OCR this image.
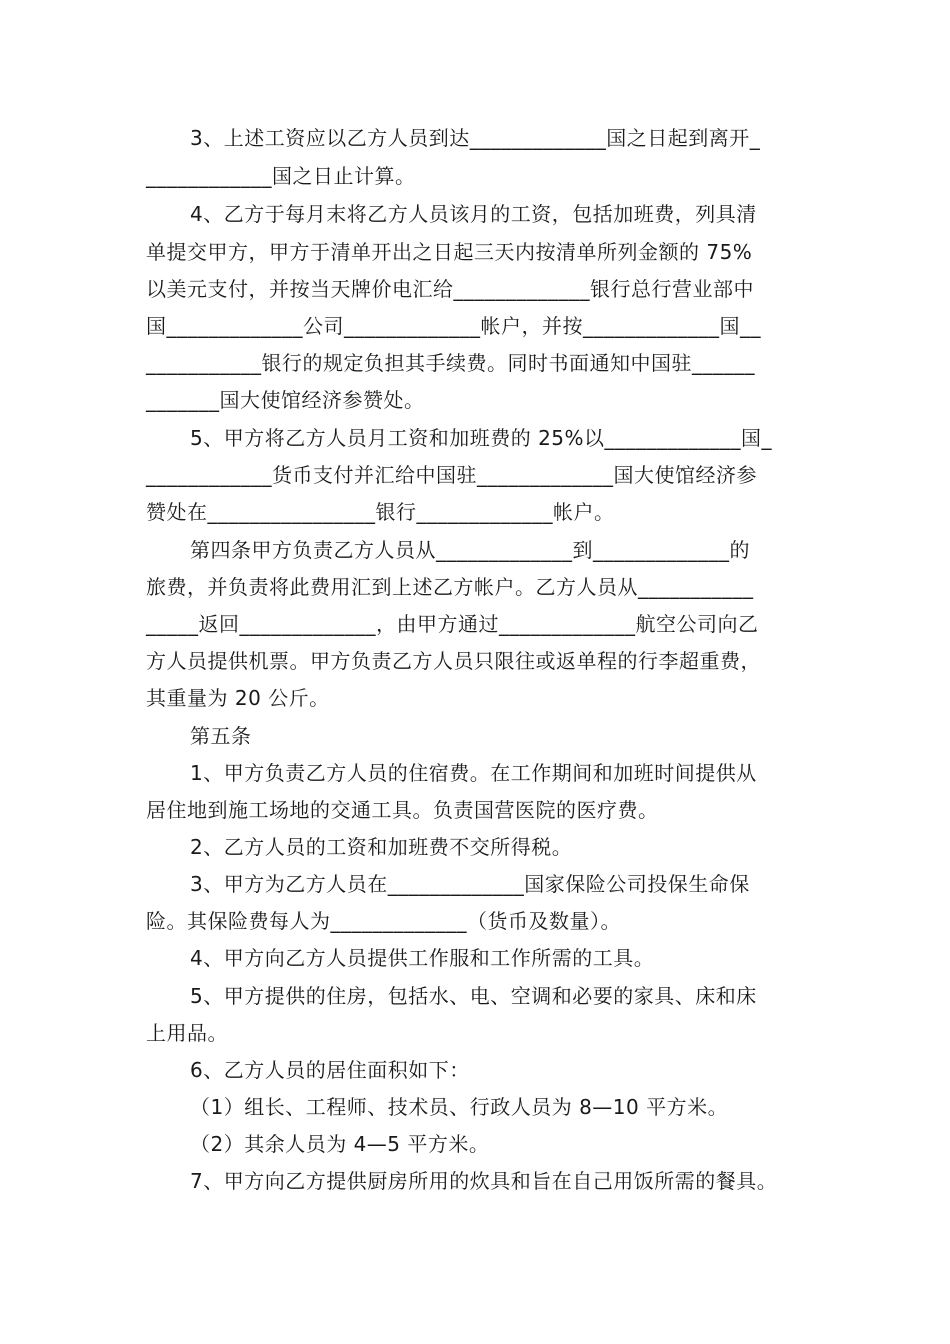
3、上述工资应以乙方人员到达_____________国之日起到离开_
____________国之日止计算。
4、乙方于每月末将乙方人员该月的工资，包括加班费，列具清
单提交甲方，甲方于清单开出之日起三天内按清单所列金额的 75%
以美元支付，并按当天牌价电汇给_____________银行总行营业部中
国_____________公司_____________帐户，并按_____________国__
___________银行的规定负担其手续费。同时书面通知中国驻______
_______国大使馆经济参赞处。
5、甲方将乙方人员月工资和加班费的 25%以_____________国_
____________货币支付并汇给中国驻_____________国大使馆经济参
赞处在________________银行_____________帐户。
第四条甲方负责乙方人员从_____________到_____________的
旅费，并负责将此费用汇到上述乙方帐户。乙方人员从___________
_____返回_____________，由甲方通过_____________航空公司向乙
方人员提供机票。甲方负责乙方人员只限往或返单程的行李超重费，
其重量为 20 公斤。
第五条
1、甲方负责乙方人员的住宿费。在工作期间和加班时间提供从
居住地到施工场地的交通工具。负责国营医院的医疗费。
2、乙方人员的工资和加班费不交所得税。
3、甲方为乙方人员在_____________国家保险公司投保生命保
险。其保险费每人为_____________（货币及数量）。
4、甲方向乙方人员提供工作服和工作所需的工具。
5、甲方提供的住房，包括水、电、空调和必要的家具、床和床
上用品。
6、乙方人员的居住面积如下：
（1）组长、工程师、技术员、行政人员为 8—10 平方米。
（2）其余人员为 4—5 平方米。
7、甲方向乙方提供厨房所用的炊具和旨在自己用饭所需的餐具。
